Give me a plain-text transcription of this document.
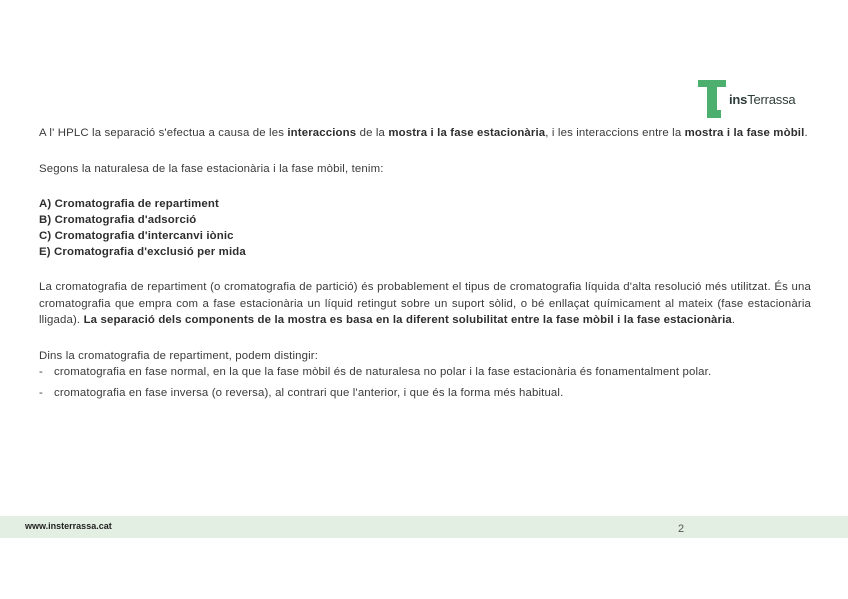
insTerrassa

A l' HPLC la separació s'efectua a causa de les interaccions de la mostra i la fase estacionària, i les interaccions entre la mostra i la fase mòbil.

Segons la naturalesa de la fase estacionària i la fase mòbil, tenim:

A) Cromatografia de repartiment
B) Cromatografia d'adsorció
C) Cromatografia d'intercanvi iònic
E) Cromatografia d'exclusió per mida

La cromatografia de repartiment (o cromatografia de partició) és probablement el tipus de cromatografia líquida d'alta resolució més utilitzat. És una cromatografia que empra com a fase estacionària un líquid retingut sobre un suport sòlid, o bé enllaçat químicament al mateix (fase estacionària lligada). La separació dels components de la mostra es basa en la diferent solubilitat entre la fase mòbil i la fase estacionària.

Dins la cromatografia de repartiment, podem distingir:

- cromatografia en fase normal, en la que la fase mòbil és de naturalesa no polar i la fase estacionària és fonamentalment polar.
- cromatografia en fase inversa (o reversa), al contrari que l'anterior, i que és la forma més habitual.
www.insterrassa.cat	2
